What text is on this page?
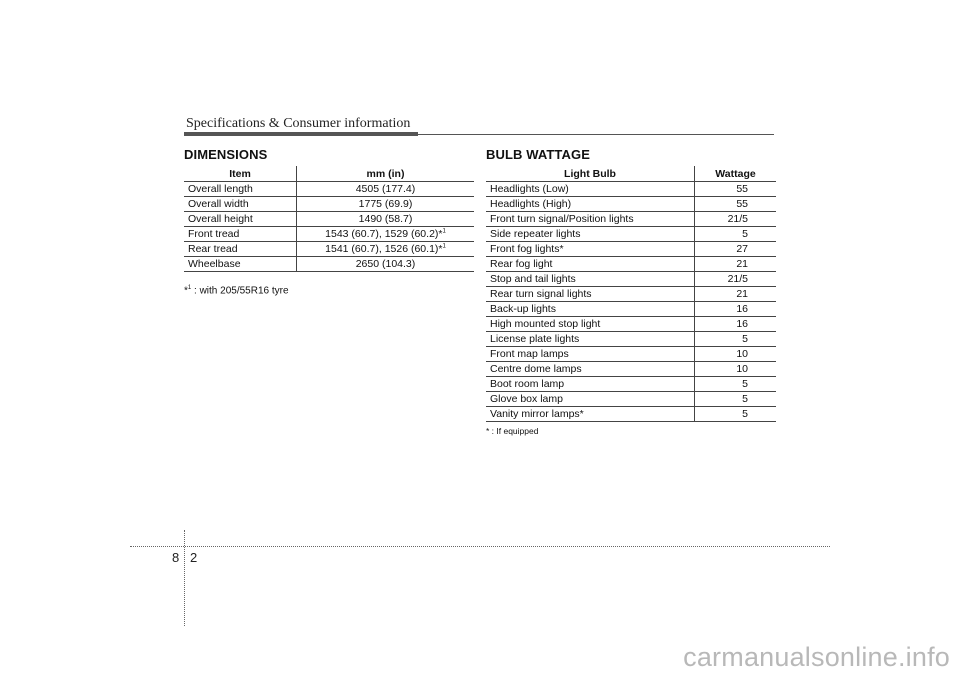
Specifications & Consumer information
DIMENSIONS
Item	mm (in)
Overall length	4505 (177.4)
Overall width	1775 (69.9)
Overall height	1490 (58.7)
Front tread	1543 (60.7), 1529 (60.2)*$^1$
Rear tread	1541 (60.7), 1526 (60.1)*$^1$
Wheelbase	2650 (104.3)
*$^1$ : with 205/55R16 tyre
BULB WATTAGE
Light Bulb	Wattage
Headlights (Low)	55
Headlights (High)	55
Front turn signal/Position lights	21/5
Side repeater lights	5
Front fog lights*	27
Rear fog light	21
Stop and tail lights	21/5
Rear turn signal lights	21
Back-up lights	16
High mounted stop light	16
License plate lights	5
Front map lamps	10
Centre dome lamps	10
Boot room lamp	5
Glove box lamp	5
Vanity mirror lamps*	5
* : If equipped
8 2
carmanualsonline.info
